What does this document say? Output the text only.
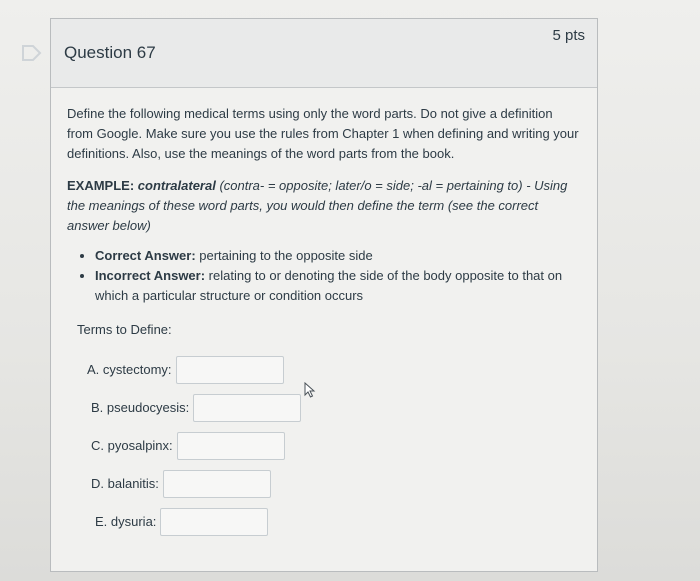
Question 67
5 pts

Define the following medical terms using only the word parts. Do not give a definition from Google. Make sure you use the rules from Chapter 1 when defining and writing your definitions. Also, use the meanings of the word parts from the book.

EXAMPLE: contralateral (contra- = opposite; later/o = side; -al = pertaining to) - Using the meanings of these word parts, you would then define the term (see the correct answer below)

• Correct Answer: pertaining to the opposite side
• Incorrect Answer: relating to or denoting the side of the body opposite to that on which a particular structure or condition occurs
Terms to Define:
A. cystectomy:
B. pseudocyesis:
C. pyosalpinx:
D. balanitis:
E. dysuria:
